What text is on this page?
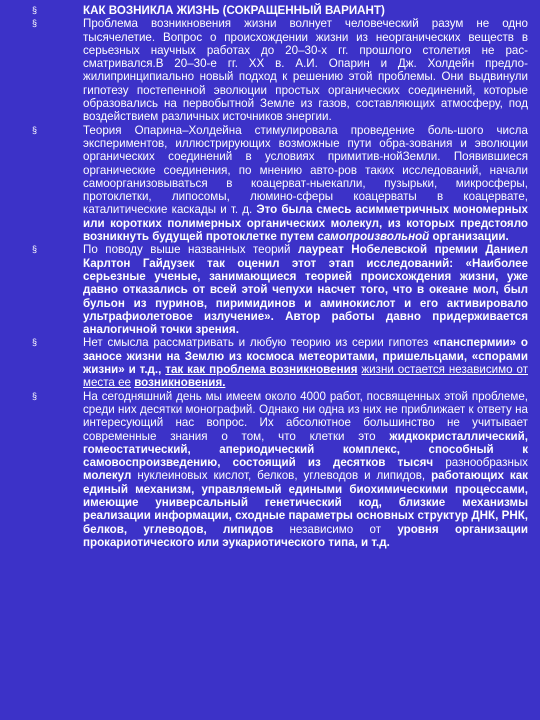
§	КАК ВОЗНИКЛА ЖИЗНЬ (СОКРАЩЕННЫЙ ВАРИАНТ)
§	Проблема возникновения жизни волнует человеческий разум не одно тысячелетие. Вопрос о происхождении жизни из неорганических веществ в серьезных научных работах до 20–30-х гг. прошлого столетия не рас-сматривался.В 20–30-е гг. XX в. А.И. Опарин и Дж. Холдейн предло-жилипринципиально новый подход к решению этой проблемы. Они выдвинули гипотезу постепенной эволюции простых органических соединений, которые образовались на первобытной Земле из газов, составляющих атмосферу, под воздействием различных источников энергии.
§	Теория Опарина–Холдейна стимулировала проведение боль-шого числа экспериментов, иллюстрирующих возможные пути обра-зования и эволюции органических соединений в условиях примитив-нойЗемли. Появившиеся органические соединения, по мнению авто-ров таких исследований, начали самоорганизовываться в коацерват-ныекапли, пузырьки, микросферы, протоклетки, липосомы, люмино-сферы коацерваты в коацервате, каталитические каскады и т. д. Это была смесь асимметричных мономерных или коротких полимерных органических молекул, из которых предстояло возникнуть будущей протоклетке путем самопроизвольной организации.
§	По поводу выше названных теорий лауреат Нобелевской премии Даниел Карлтон Гайдузек так оценил этот этап исследований: «Наиболее серьезные ученые, занимающиеся теорией происхождения жизни, уже давно отказались от всей этой чепухи насчет того, что в океане мол, был бульон из пуринов, пиримидинов и аминокислот и его активировало ультрафиолетовое излучение». Автор работы давно придерживается аналогичной точки зрения.
§	Нет смысла рассматривать и любую теорию из серии гипотез «панспермии» о заносе жизни на Землю из космоса метеоритами, пришельцами, «спорами жизни» и т.д., так как проблема возникновения жизни остается независимо от места ее возникновения.
§	На сегодняшний день мы имеем около 4000 работ, посвященных этой проблеме, среди них десятки монографий. Однако ни одна из них не приближает к ответу на интересующий нас вопрос. Их абсолютное большинство не учитывает современные знания о том, что клетки это жидкокристаллический, гомеостатический, апериодический комплекс, способный к самовоспроизведению, состоящий из десятков тысяч разнообразных молекул нуклеиновых кислот, белков, углеводов и липидов, работающих как единый механизм, управляемый едиными биохимическими процессами, имеющие универсальный генетический код, близкие механизмы реализации информации, сходные параметры основных структур ДНК, РНК, белков, углеводов, липидов независимо от уровня организации прокариотического или эукариотического типа, и т.д.
